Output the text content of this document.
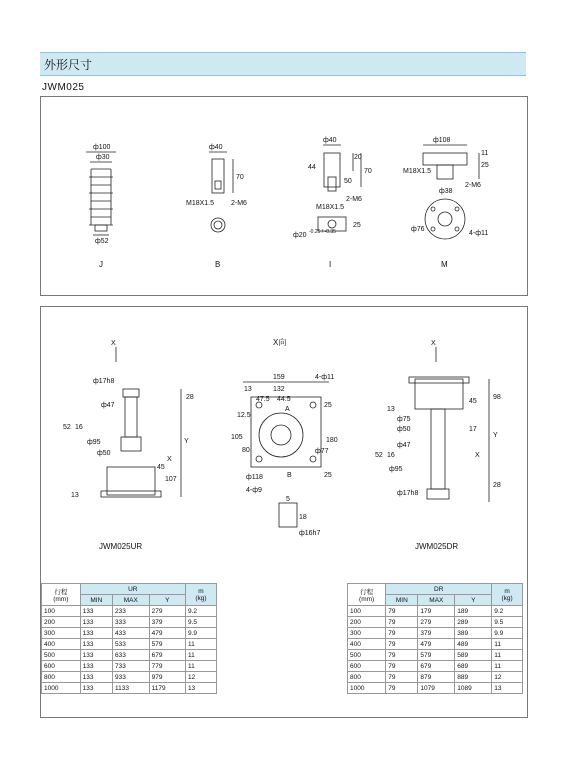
外形尺寸
JWM025
ф100
ф30
ф52
J
ф40
70
M18X1.5 2-M6
B
ф40
44
50
70
20
M18X1.5
2-M6
ф20 -0.25 / -0.35
25
I
ф108
25
11
M18X1.5
2-M6
ф38
ф76
4-ф11
M
X
ф17h8
ф47
ф95
ф50
28
52 16
107
45
13
X
Y
JWM025UR
X向
159
132
47.5 44.5
12.5
105
80
180
25
25
13
4-ф11
ф77
ф118
4-ф9
A
B
5
18
ф16h7
X
ф75
ф50
ф47
ф95
ф17h8
98
45
17
13
52 16
28
X
Y
JWM025DR
行程
(mm)	UR			m
(kg)
	MIN	MAX	Y	
100	133	233	279	9.2
200	133	333	379	9.5
300	133	433	479	9.9
400	133	533	579	11
500	133	633	679	11
600	133	733	779	11
800	133	933	979	12
1000	133	1133	1179	13
行程
(mm)	DR			m
(kg)
	MIN	MAX	Y	
100	79	179	189	9.2
200	79	279	289	9.5
300	79	379	389	9.9
400	79	479	489	11
500	79	579	589	11
600	79	679	689	11
800	79	879	889	12
1000	79	1079	1089	13
